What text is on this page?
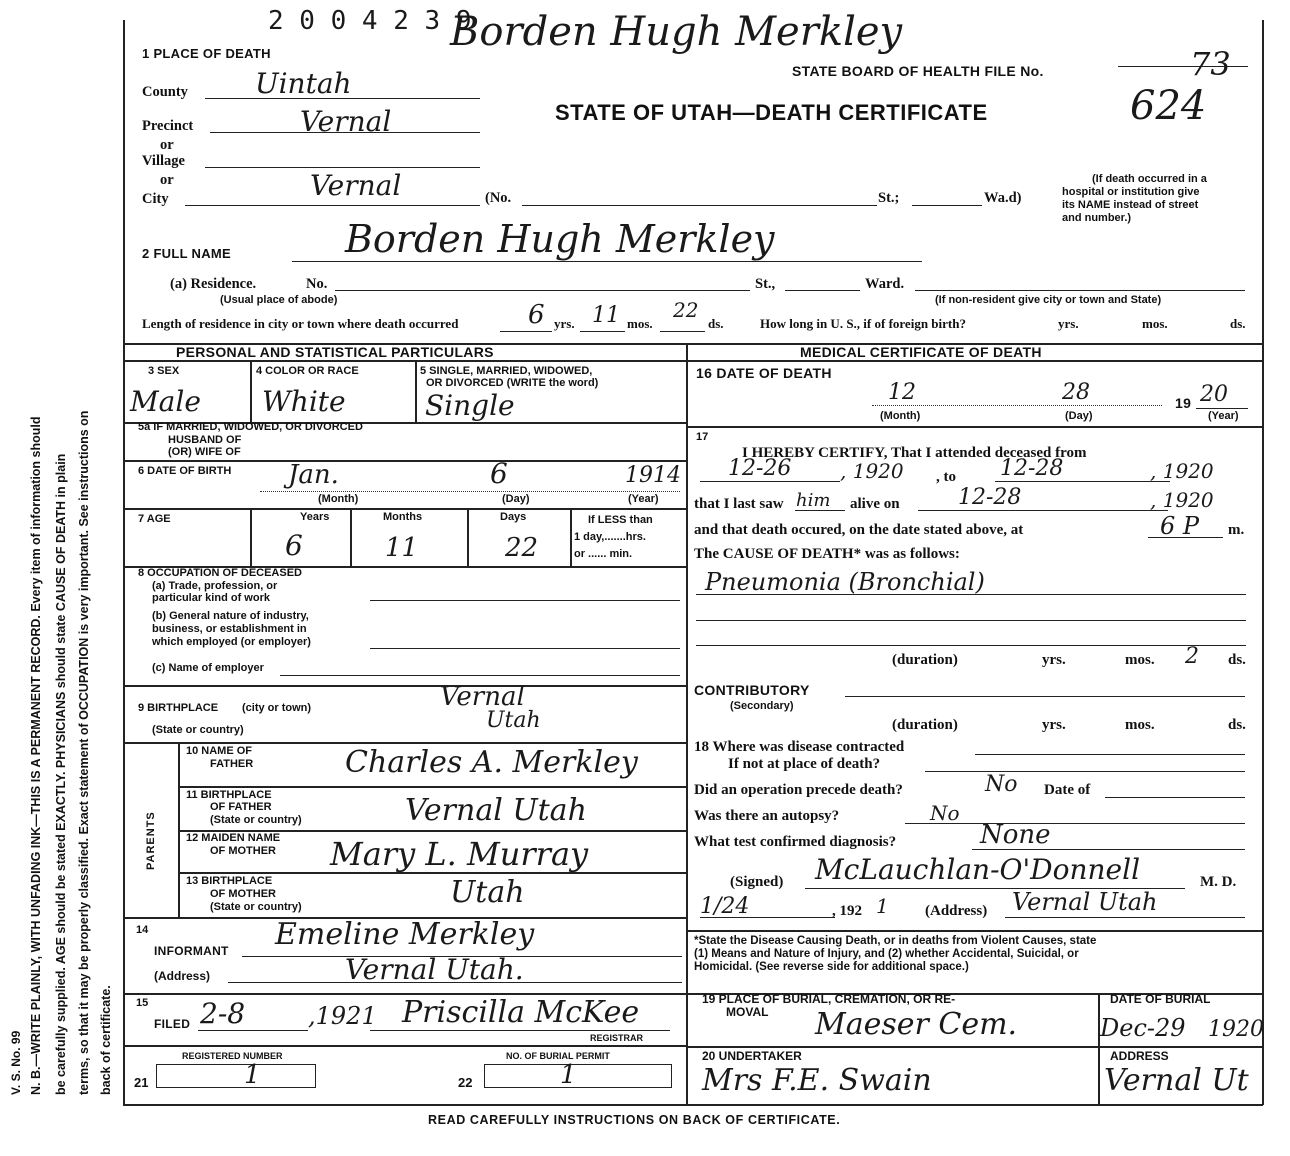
V. S. No. 99 N. B.—WRITE PLAINLY, WITH UNFADING INK—THIS IS A PERMANENT RECORD. Every item of information should be carefully supplied. AGE should be stated EXACTLY. PHYSICIANS should state CAUSE OF DEATH in plain terms, so that it may be properly classified. Exact statement of OCCUPATION is very important. See instructions on back of certificate.
2 0 0 4 2 3 9
Borden Hugh Merkley
STATE BOARD OF HEALTH FILE No.	73
STATE OF UTAH—DEATH CERTIFICATE	624
1 PLACE OF DEATH
County Uintah
Precinct	Vernal
or
Village
or
City	Vernal	(No.	St.;	Wa.d)
(If death occurred in a
hospital or institution give
its NAME instead of street
and number.)
2 FULL NAME	Borden Hugh Merkley
(a) Residence.	No.	St.,	Ward.
(Usual place of abode)	(If non-resident give city or town and State)
Length of residence in city or town where death occurred	6 yrs. 11 mos.
22
ds.	How long in U. S., if of foreign birth?	yrs.	mos.	ds.
PERSONAL AND STATISTICAL PARTICULARS	MEDICAL CERTIFICATE OF DEATH
3 SEX	4 COLOR OR RACE	5 SINGLE, MARRIED, WIDOWED,
OR DIVORCED (WRITE the word)
Male White	Single
5a IF MARRIED, WIDOWED, OR DIVORCED
HUSBAND OF
(OR) WIFE OF
6 DATE OF BIRTH Jan.	6	1914
(Month)	(Day)	(Year)
7 AGE	Years	Months	Days	If LESS than
1 day,.......hrs.
or ...... min.
6	11	22
8 OCCUPATION OF DECEASED
(a) Trade, profession, or
particular kind of work
(b) General nature of industry,
business, or establishment in
which employed (or employer)
(c) Name of employer
9 BIRTHPLACE (city or town)
(State or country)
Vernal
Utah
PARENTS
10 NAME OF
FATHER	Charles A. Merkley
11 BIRTHPLACE
OF FATHER
(State or country)	Vernal Utah
12 MAIDEN NAME
OF MOTHER Mary L. Murray
13 BIRTHPLACE
OF MOTHER
(State or country)	Utah
14
INFORMANT Emeline Merkley
(Address)	Vernal Utah.
15
FILED 2-8	,1921 Priscilla McKee
REGISTRAR
REGISTERED NUMBER	NO. OF BURIAL PERMIT
21	1	22	1
16 DATE OF DEATH
12	28	19 20
(Month)	(Day)	(Year)
17
I HEREBY CERTIFY, That I attended deceased from
12-26 , 1920 , to 12-28	, 1920
that I last saw him alive on	12-28	, 1920
and that death occured, on the date stated above, at	6 P m.
The CAUSE OF DEATH* was as follows:
Pneumonia (Bronchial)
(duration)	yrs.	mos. 2 ds.
CONTRIBUTORY
(Secondary)
(duration)	yrs.	mos.	ds.
18 Where was disease contracted
If not at place of death?
Did an operation precede death?	No Date of
Was there an autopsy?	No
What test confirmed diagnosis?	None
(Signed) McLauchlan-O'Donnell	M. D.
1/24	, 192 1 (Address) Vernal Utah
*State the Disease Causing Death, or in deaths from Violent Causes, state
(1) Means and Nature of Injury, and (2) whether Accidental, Suicidal, or
Homicidal. (See reverse side for additional space.)
19 PLACE OF BURIAL, CREMATION, OR RE-
MOVAL Maeser Cem.
DATE OF BURIAL
Dec-29 1920
20 UNDERTAKER
Mrs F.E. Swain
ADDRESS
Vernal Ut
READ CAREFULLY INSTRUCTIONS ON BACK OF CERTIFICATE.
